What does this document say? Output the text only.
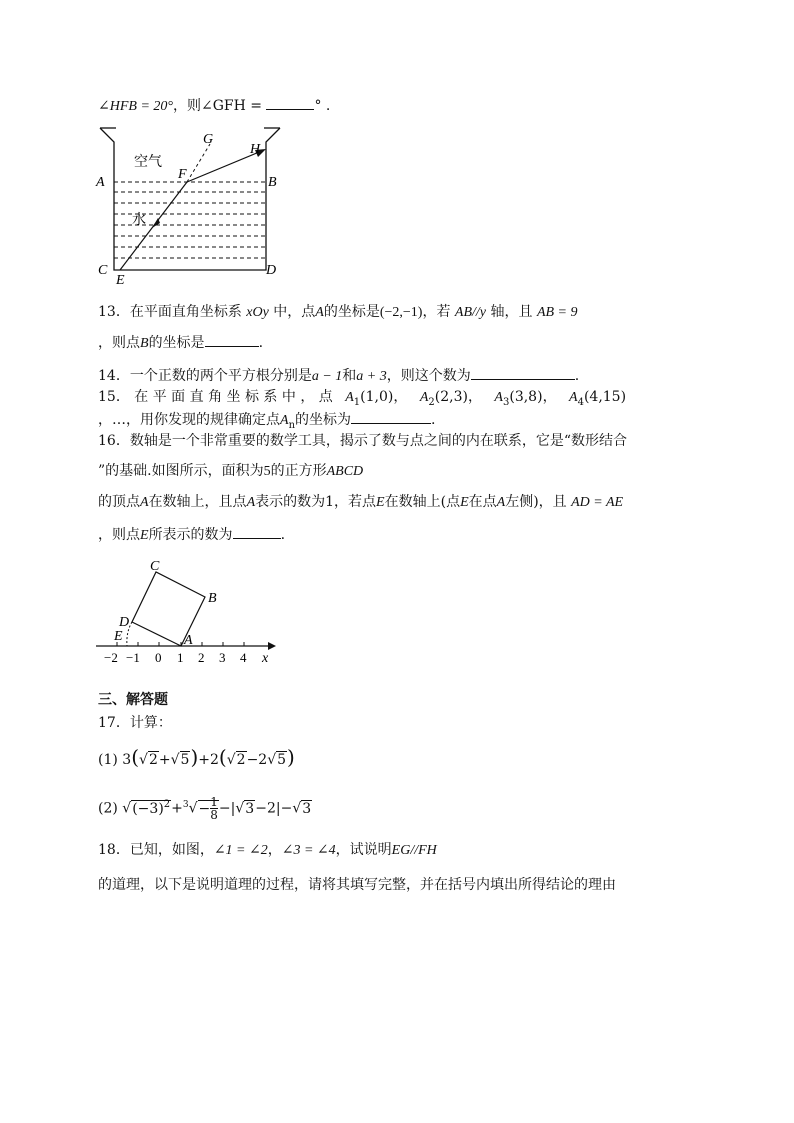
∠HFB = 20°，则∠GFH =	° .
G
H
F
A	B
C	D
E
空气
水
13．在平面直角坐标系 xOy 中，点A的坐标是(−2,−1)，若 AB//y 轴，且 AB = 9
，则点B的坐标是	.
14．一个正数的两个平方根分别是a − 1和a + 3，则这个数为	.
15． 在 平 面 直 角 坐 标 系 中 ， 点 $A_1(1,0)$， $A_2(2,3)$， $A_3(3,8)$， $A_4(4,15)$
，…，用你发现的规律确定点$A_n$的坐标为	.
16．数轴是一个非常重要的数学工具，揭示了数与点之间的内在联系，它是“数形结合
”的基础.如图所示，面积为5的正方形ABCD
的顶点A在数轴上，且点A表示的数为1，若点E在数轴上(点E在点A左侧)，且 AD = AE
，则点E所表示的数为	.
C
B
D
E	A
x
−2 −1 0 1 2 3 4
三、解答题
17．计算：
(1) 3(√2+√5)+2(√2−2√5)
(2) $√(-3)^2+^3√- \frac{1}{8} -|√3-2|-√3$
18．已知，如图，∠1 = ∠2，∠3 = ∠4，试说明EG//FH
的道理，以下是说明道理的过程，请将其填写完整，并在括号内填出所得结论的理由
